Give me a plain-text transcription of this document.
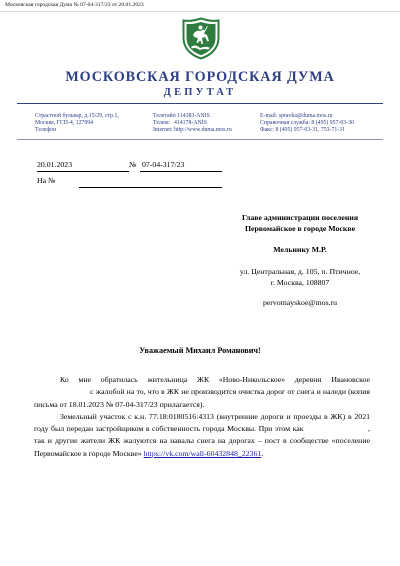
Московская городская Дума № 07-04-317/23 от 20.01.2023
МОСКОВСКАЯ ГОРОДСКАЯ ДУМА
ДЕПУТАТ
Страстной бульвар, д.15/29, стр.1,
Москва, ГСП-4, 127994
Телефон
Телетайп 114383-ANIS
Телекс   414178-ANIS
Internet: http://www.duma.mos.ru
E-mail: spravka@duma.mos.ru
Справочная служба: 8 (495) 957-03-30
Факс: 8 (495) 957-03-31, 753-71-31
20.01.2023	№ 07-04-317/23
На №
Главе администрации поселения
Первомайское в городе Москве
Мельнику М.Р.
ул. Центральная, д. 105, п. Птичное,
г. Москва, 108807
pervomayskoe@mos.ru
Уважаемый Михаил Романович!

Ко мне обратилась жительница ЖК «Ново-Никольское» деревни Ивановское  с жалобой на то, что в ЖК не производится очистка дорог от снега и наледи (копия письма от 18.01.2023 № 07-04-317/23 прилагается).

Земельный участок с к.н. 77:18:0180516:4313 (внутренние дороги и проезды в ЖК) в 2021 году был передан застройщиком в собственность города Москвы. При этом как	, так и другие жители ЖК жалуются на навалы снега на дорогах – пост в сообществе «поселение Первомайское в городе Москве» https://vk.com/wall-60432848_22361.
